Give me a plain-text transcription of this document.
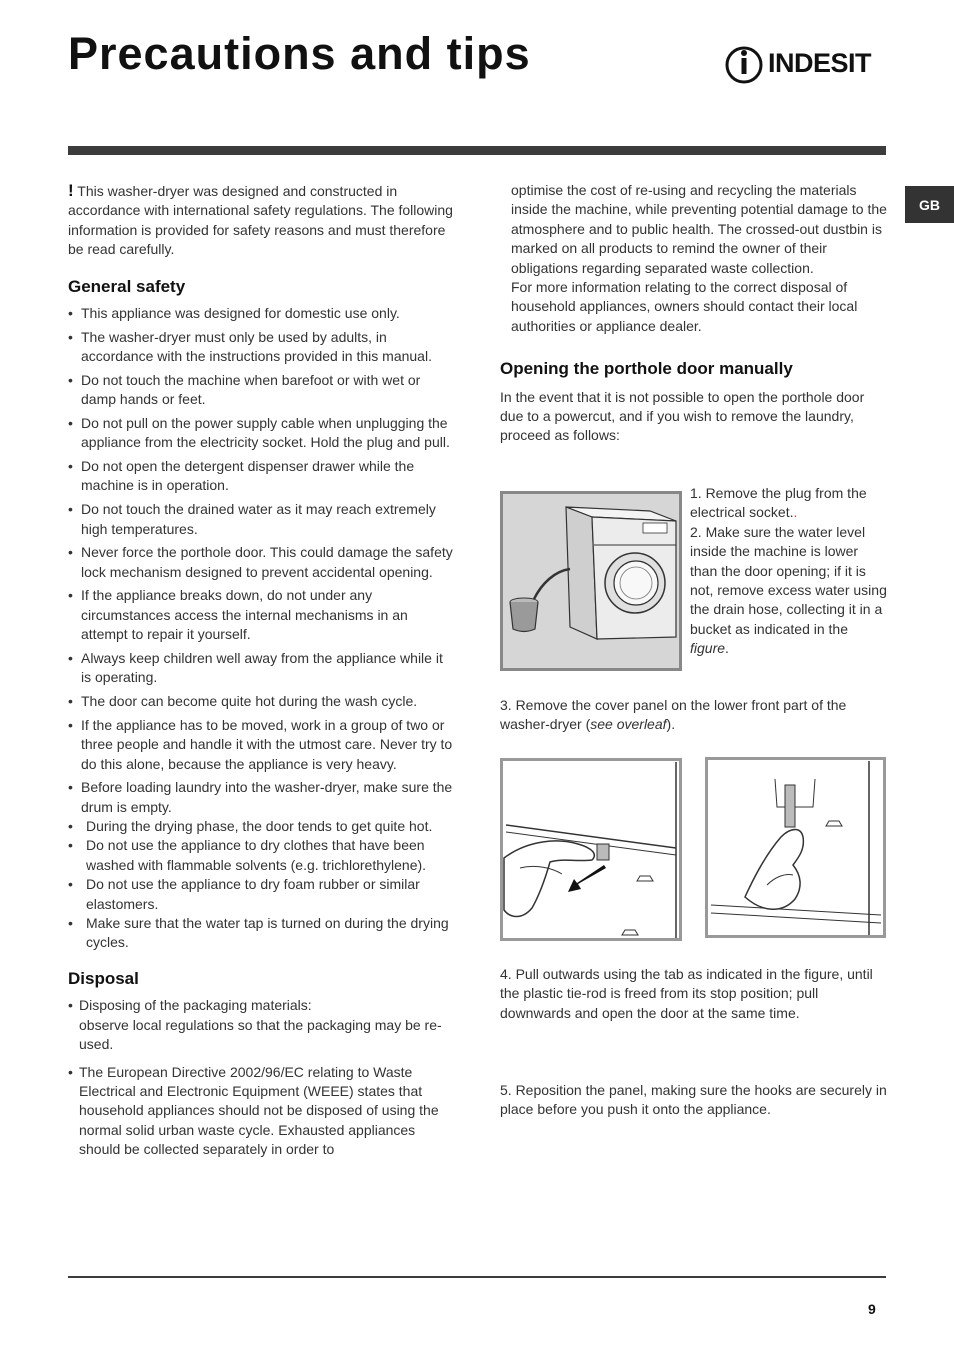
Precautions and tips	INDESIT
GB

! This washer-dryer was designed and constructed in accordance with international safety regulations. The following information is provided for safety reasons and must therefore be read carefully.

General safety
• This appliance was designed for domestic use only.
• The washer-dryer must only be used by adults, in accordance with the instructions provided in this manual.
• Do not touch the machine when barefoot or with wet or damp hands or feet.
• Do not pull on the power supply cable when unplugging the appliance from the electricity socket. Hold the plug and pull.
• Do not open the detergent dispenser drawer while the machine is in operation.
• Do not touch the drained water as it may reach extremely high temperatures.
• Never force the porthole door. This could damage the safety lock mechanism designed to prevent accidental opening.
• If the appliance breaks down, do not under any circumstances access the internal mechanisms in an attempt to repair it yourself.
• Always keep children well away from the appliance while it is operating.
• The door can become quite hot during the wash cycle.
• If the appliance has to be moved, work in a group of two or three people and handle it with the utmost care. Never try to do this alone, because the appliance is very heavy.
• Before loading laundry into the washer-dryer, make sure the drum is empty.
• During the drying phase, the door tends to get quite hot.
• Do not use the appliance to dry clothes that have been washed with flammable solvents (e.g. trichlorethylene).
• Do not use the appliance to dry foam rubber or similar elastomers.
• Make sure that the water tap is turned on during the drying cycles.
Disposal
• Disposing of the packaging materials:
observe local regulations so that the packaging may be re-used.
• The European Directive 2002/96/EC relating to Waste Electrical and Electronic Equipment (WEEE) states that household appliances should not be disposed of using the normal solid urban waste cycle. Exhausted appliances should be collected separately in order to

optimise the cost of re-using and recycling the materials inside the machine, while preventing potential damage to the atmosphere and to public health. The crossed-out dustbin is marked on all products to remind the owner of their obligations regarding separated waste collection.

For more information relating to the correct disposal of household appliances, owners should contact their local authorities or appliance dealer.

Opening the porthole door manually

In the event that it is not possible to open the porthole door due to a powercut, and if you wish to remove the laundry, proceed as follows:

1. Remove the plug from the electrical socket..

2. Make sure the water level inside the machine is lower than the door opening; if it is not, remove excess water using the drain hose, collecting it in a bucket as indicated in the figure.

3. Remove the cover panel on the lower front part of the washer-dryer (see overleaf).

4. Pull outwards using the tab as indicated in the figure, until the plastic tie-rod is freed from its stop position; pull downwards and open the door at the same time.

5. Reposition the panel, making sure the hooks are securely in place before you push it onto the appliance.

9
